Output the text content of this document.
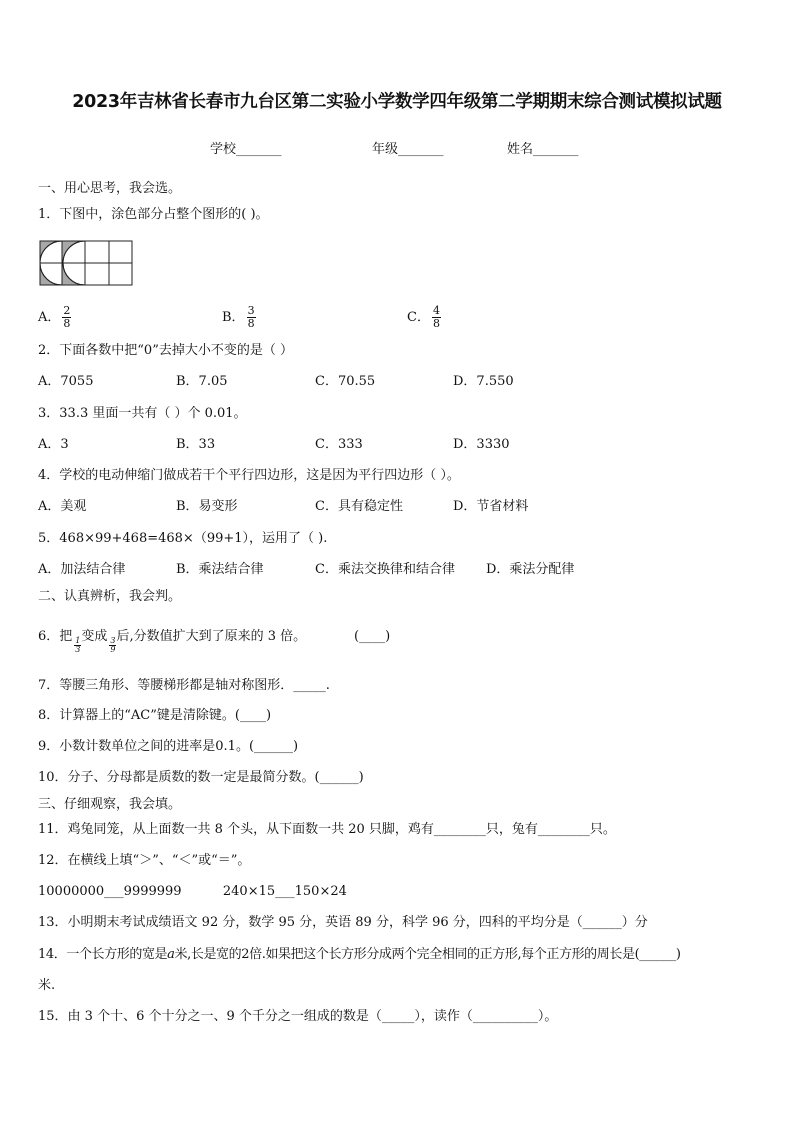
2023年吉林省长春市九台区第二实验小学数学四年级第二学期期末综合测试模拟试题
学校_______	年级_______	姓名_______
一、用心思考，我会选。
1．下图中，涂色部分占整个图形的( )。
A． $\frac{2}{8}$	B． $\frac{3}{8}$	C． $\frac{4}{8}$
2．下面各数中把“0”去掉大小不变的是（ ）
A．7055	B．7.05	C．70.55	D．7.550
3．33.3 里面一共有（ ）个 0.01。
A．3	B．33	C．333	D．3330
4．学校的电动伸缩门做成若干个平行四边形，这是因为平行四边形（ ）。
A．美观	B．易变形	C．具有稳定性	D．节省材料
5．468×99+468=468×（99+1），运用了（ ).
A．加法结合律	B．乘法结合律	C．乘法交换律和结合律 D．乘法分配律
二、认真辨析，我会判。
6．把
$\frac{1}{3}$
变成
$\frac{3}{9}$
后,分数值扩大到了原来的 3 倍。	(____)
7．等腰三角形、等腰梯形都是轴对称图形．_____.
8．计算器上的“AC”键是清除键。(____)
9．小数计数单位之间的进率是0.1。(______)
10．分子、分母都是质数的数一定是最简分数。(______)
三、仔细观察，我会填。
11．鸡兔同笼，从上面数一共 8 个头，从下面数一共 20 只脚，鸡有________只，兔有________只。
12．在横线上填“＞”、“＜”或“＝”。
10000000___9999999          240×15___150×24
13．小明期末考试成绩语文 92 分，数学 95 分，英语 89 分，科学 96 分，四科的平均分是（______）分
14．一个长方形的宽是a米,长是宽的2倍.如果把这个长方形分成两个完全相同的正方形,每个正方形的周长是(______)
米.
15．由 3 个十、6 个十分之一、9 个千分之一组成的数是（_____），读作（__________）。
